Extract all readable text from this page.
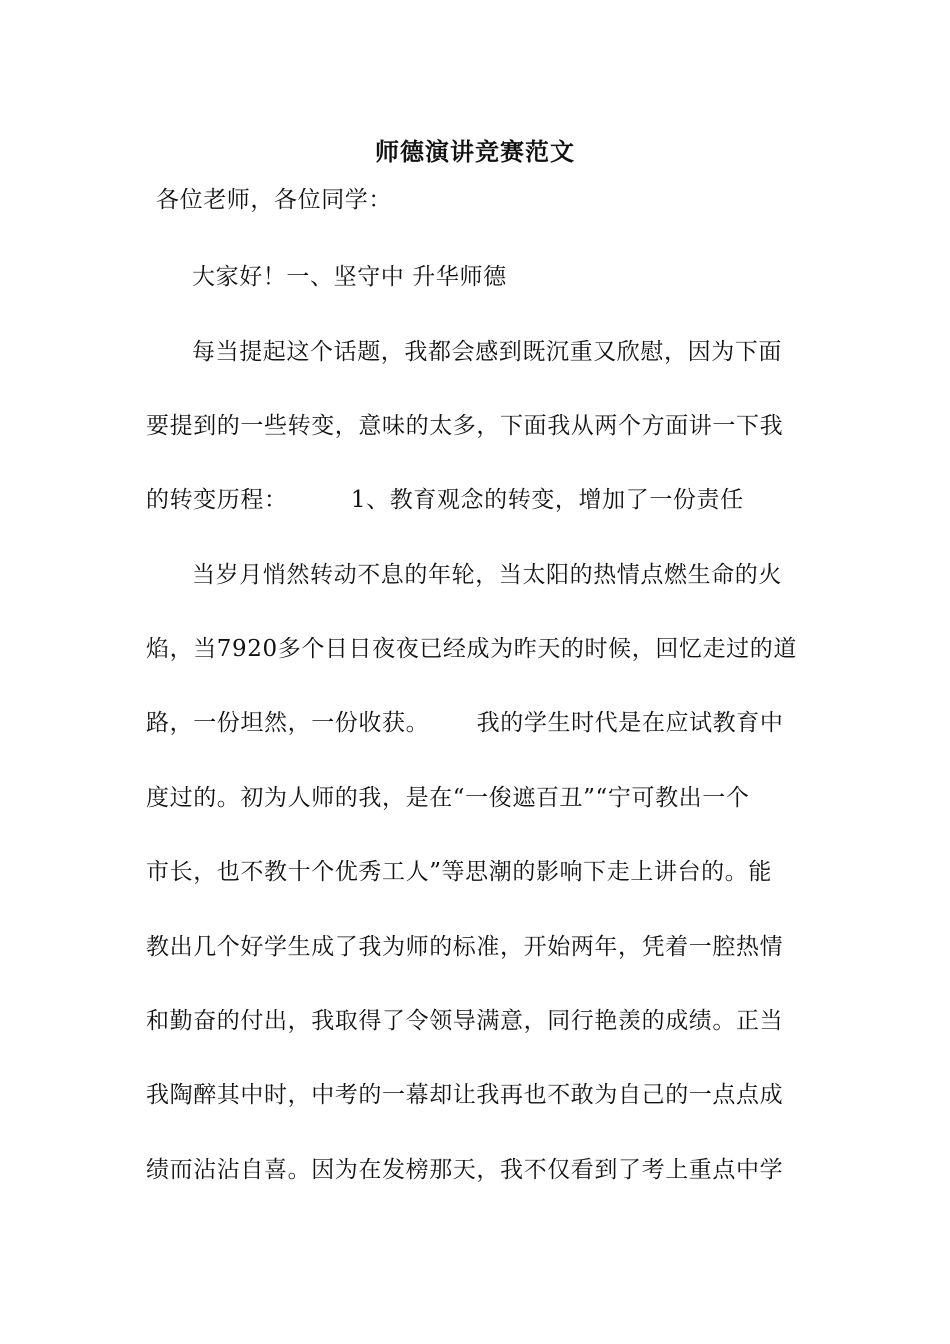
师德演讲竞赛范文
各位老师，各位同学：
大家好！一、坚守中 升华师德
每当提起这个话题，我都会感到既沉重又欣慰，因为下面
要提到的一些转变，意味的太多，下面我从两个方面讲一下我
的转变历程：        1、教育观念的转变，增加了一份责任
当岁月悄然转动不息的年轮，当太阳的热情点燃生命的火
焰，当7920多个日日夜夜已经成为昨天的时候，回忆走过的道
路，一份坦然，一份收获。      我的学生时代是在应试教育中
度过的。初为人师的我，是在“一俊遮百丑”“宁可教出一个
市长，也不教十个优秀工人”等思潮的影响下走上讲台的。能
教出几个好学生成了我为师的标准，开始两年，凭着一腔热情
和勤奋的付出，我取得了令领导满意，同行艳羡的成绩。正当
我陶醉其中时，中考的一幕却让我再也不敢为自己的一点点成
绩而沾沾自喜。因为在发榜那天，我不仅看到了考上重点中学
